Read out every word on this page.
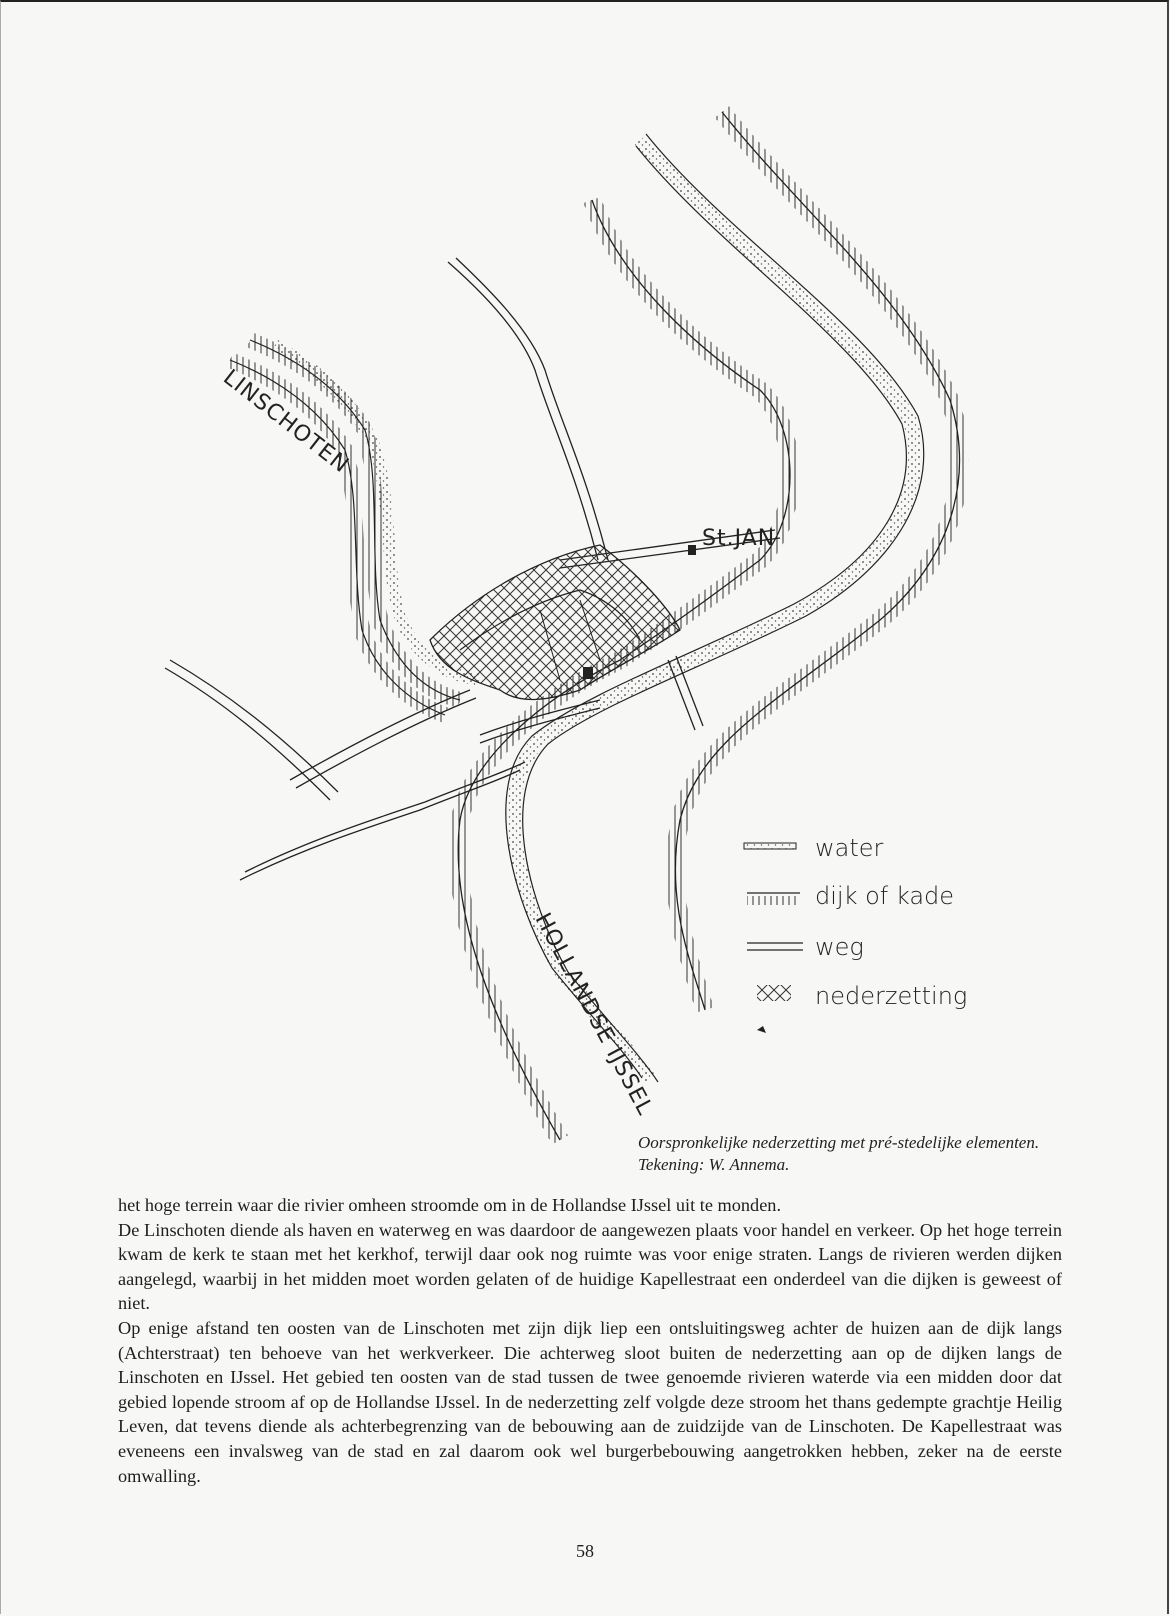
St.JAN
LINSCHOTEN
HOLLANDSE IJSSEL
water
dijk of kade
weg
nederzetting
Oorspronkelijke nederzetting met pré-stedelijke elementen.
Tekening: W. Annema.

het hoge terrein waar die rivier omheen stroomde om in de Hollandse IJssel uit te monden.

De Linschoten diende als haven en waterweg en was daardoor de aangewezen plaats voor handel en verkeer. Op het hoge terrein kwam de kerk te staan met het kerkhof, terwijl daar ook nog ruimte was voor enige straten. Langs de rivieren werden dijken aangelegd, waarbij in het midden moet worden gelaten of de huidige Kapellestraat een onderdeel van die dijken is geweest of niet.

Op enige afstand ten oosten van de Linschoten met zijn dijk liep een ontsluitingsweg achter de huizen aan de dijk langs (Achterstraat) ten behoeve van het werkverkeer. Die achterweg sloot buiten de nederzetting aan op de dijken langs de Linschoten en IJssel. Het gebied ten oosten van de stad tussen de twee genoemde rivieren waterde via een midden door dat gebied lopende stroom af op de Hollandse IJssel. In de nederzetting zelf volgde deze stroom het thans gedempte grachtje Heilig Leven, dat tevens diende als achterbegrenzing van de bebouwing aan de zuidzijde van de Linschoten. De Kapellestraat was eveneens een invalsweg van de stad en zal daarom ook wel burgerbebouwing aangetrokken hebben, zeker na de eerste omwalling.

58
